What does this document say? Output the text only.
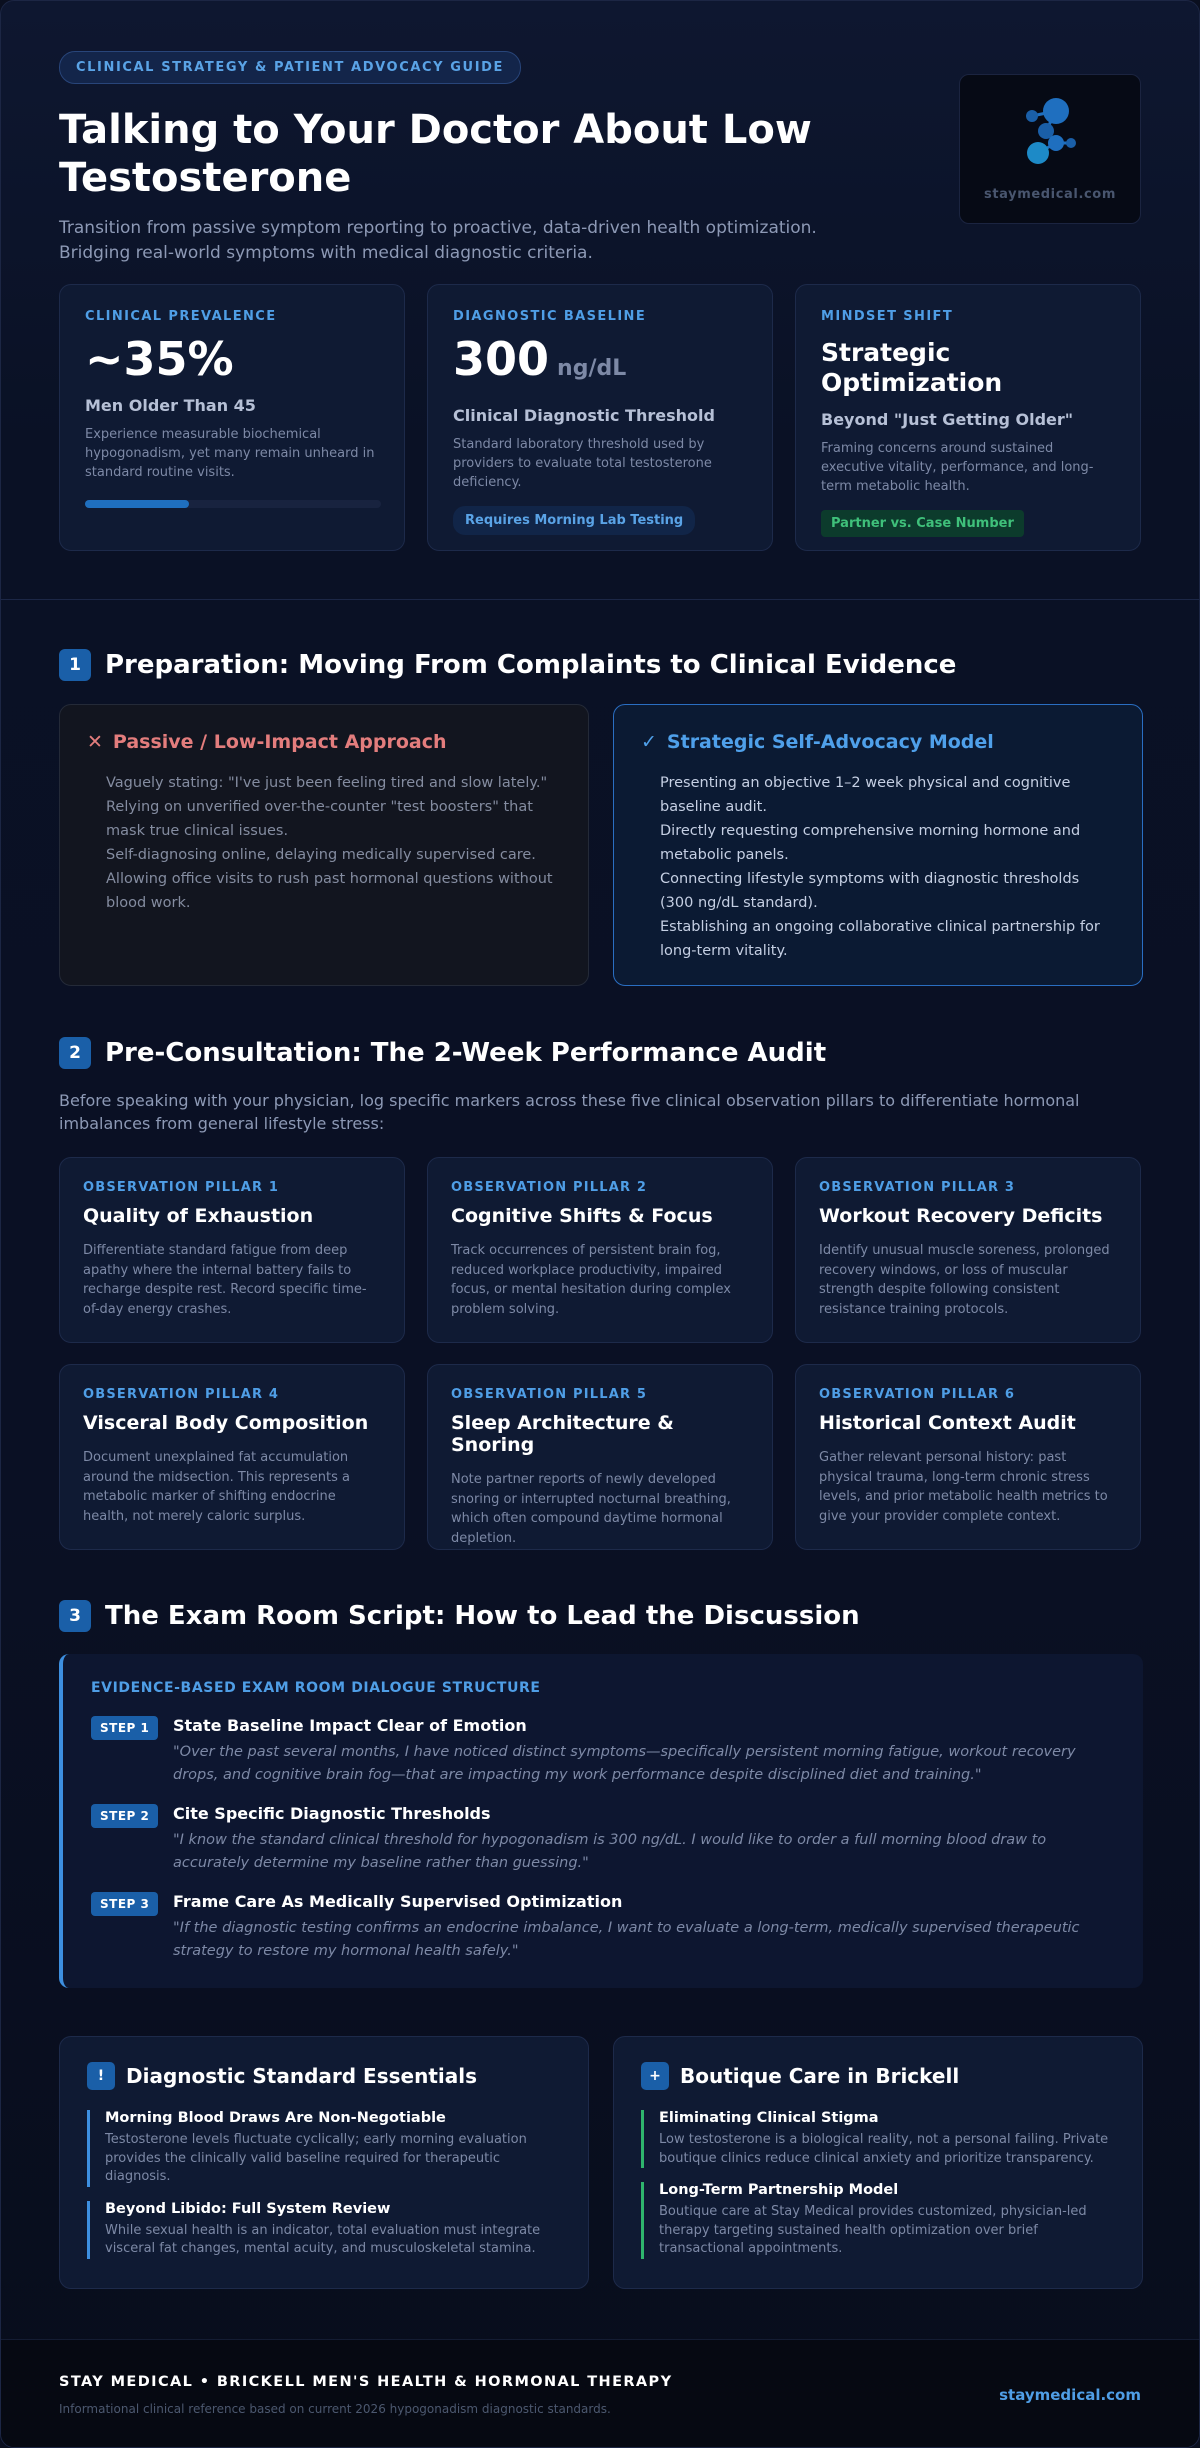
CLINICAL STRATEGY & PATIENT ADVOCACY GUIDE
Talking to Your Doctor About Low Testosterone

Transition from passive symptom reporting to proactive, data-driven health optimization. Bridging real-world symptoms with medical diagnostic criteria.

staymedical.com
CLINICAL PREVALENCE
~35%
Men Older Than 45
Experience measurable biochemical hypogonadism, yet many remain unheard in standard routine visits.
DIAGNOSTIC BASELINE
300 ng/dL
Clinical Diagnostic Threshold
Standard laboratory threshold used by providers to evaluate total testosterone deficiency.
Requires Morning Lab Testing
MINDSET SHIFT
Strategic Optimization
Beyond "Just Getting Older"
Framing concerns around sustained executive vitality, performance, and long-term metabolic health.
Partner vs. Case Number
1 Preparation: Moving From Complaints to Clinical Evidence
✕ Passive / Low-Impact Approach
Vaguely stating: "I've just been feeling tired and slow lately."
Relying on unverified over-the-counter "test boosters" that mask true clinical issues.
Self-diagnosing online, delaying medically supervised care.
Allowing office visits to rush past hormonal questions without blood work.
✓ Strategic Self-Advocacy Model
Presenting an objective 1–2 week physical and cognitive baseline audit.
Directly requesting comprehensive morning hormone and metabolic panels.
Connecting lifestyle symptoms with diagnostic thresholds (300 ng/dL standard).
Establishing an ongoing collaborative clinical partnership for long-term vitality.
2 Pre-Consultation: The 2-Week Performance Audit

Before speaking with your physician, log specific markers across these five clinical observation pillars to differentiate hormonal imbalances from general lifestyle stress:

OBSERVATION PILLAR 1
Quality of Exhaustion
Differentiate standard fatigue from deep apathy where the internal battery fails to recharge despite rest. Record specific time-of-day energy crashes.
OBSERVATION PILLAR 2
Cognitive Shifts & Focus
Track occurrences of persistent brain fog, reduced workplace productivity, impaired focus, or mental hesitation during complex problem solving.
OBSERVATION PILLAR 3
Workout Recovery Deficits
Identify unusual muscle soreness, prolonged recovery windows, or loss of muscular strength despite following consistent resistance training protocols.
OBSERVATION PILLAR 4
Visceral Body Composition
Document unexplained fat accumulation around the midsection. This represents a metabolic marker of shifting endocrine health, not merely caloric surplus.
OBSERVATION PILLAR 5
Sleep Architecture & Snoring
Note partner reports of newly developed snoring or interrupted nocturnal breathing, which often compound daytime hormonal depletion.
OBSERVATION PILLAR 6
Historical Context Audit
Gather relevant personal history: past physical trauma, long-term chronic stress levels, and prior metabolic health metrics to give your provider complete context.
3 The Exam Room Script: How to Lead the Discussion
EVIDENCE-BASED EXAM ROOM DIALOGUE STRUCTURE
STEP 1	State Baseline Impact Clear of Emotion
"Over the past several months, I have noticed distinct symptoms—specifically persistent morning fatigue, workout recovery drops, and cognitive brain fog—that are impacting my work performance despite disciplined diet and training."
STEP 2	Cite Specific Diagnostic Thresholds
"I know the standard clinical threshold for hypogonadism is 300 ng/dL. I would like to order a full morning blood draw to accurately determine my baseline rather than guessing."
STEP 3	Frame Care As Medically Supervised Optimization
"If the diagnostic testing confirms an endocrine imbalance, I want to evaluate a long-term, medically supervised therapeutic strategy to restore my hormonal health safely."
!	Diagnostic Standard Essentials
Morning Blood Draws Are Non-Negotiable
Testosterone levels fluctuate cyclically; early morning evaluation provides the clinically valid baseline required for therapeutic diagnosis.
Beyond Libido: Full System Review
While sexual health is an indicator, total evaluation must integrate visceral fat changes, mental acuity, and musculoskeletal stamina.
+ Boutique Care in Brickell
Eliminating Clinical Stigma
Low testosterone is a biological reality, not a personal failing. Private boutique clinics reduce clinical anxiety and prioritize transparency.
Long-Term Partnership Model
Boutique care at Stay Medical provides customized, physician-led therapy targeting sustained health optimization over brief transactional appointments.
STAY MEDICAL • BRICKELL MEN'S HEALTH & HORMONAL THERAPY
Informational clinical reference based on current 2026 hypogonadism diagnostic standards.
staymedical.com
